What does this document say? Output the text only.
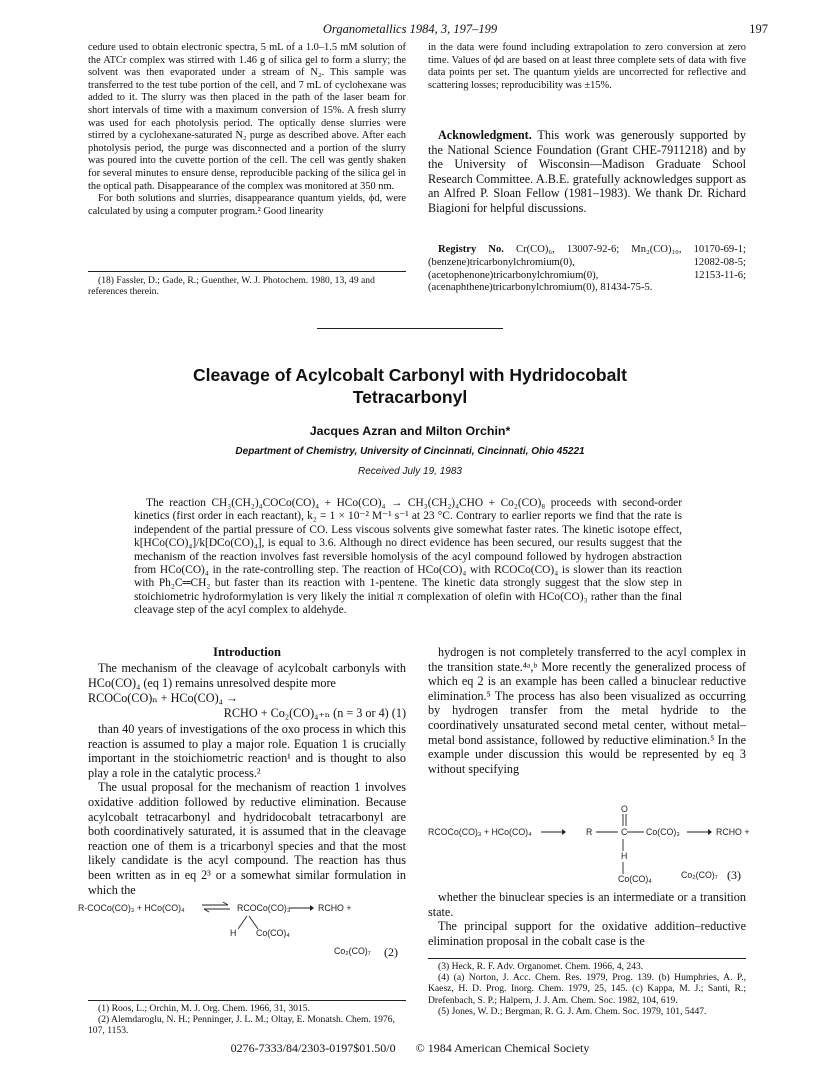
Organometallics 1984, 3, 197–199	197

cedure used to obtain electronic spectra, 5 mL of a 1.0–1.5 mM solution of the ATCr complex was stirred with 1.46 g of silica gel to form a slurry; the solvent was then evaporated under a stream of N₂. This sample was transferred to the test tube portion of the cell, and 7 mL of cyclohexane was added to it. The slurry was then placed in the path of the laser beam for short intervals of time with a maximum conversion of 15%. A fresh slurry was used for each photolysis period. The optically dense slurries were stirred by a cyclohexane-saturated N₂ purge as described above. After each photolysis period, the purge was disconnected and a portion of the slurry was poured into the cuvette portion of the cell. The cell was gently shaken for several minutes to ensure dense, reproducible packing of the silica gel in the optical path. Disappearance of the complex was monitored at 350 nm.

For both solutions and slurries, disappearance quantum yields, ϕd, were calculated by using a computer program.² Good linearity

(18) Fassler, D.; Gade, R.; Guenther, W. J. Photochem. 1980, 13, 49 and references therein.

in the data were found including extrapolation to zero conversion at zero time. Values of ϕd are based on at least three complete sets of data with five data points per set. The quantum yields are uncorrected for reflective and scattering losses; reproducibility was ±15%.

Acknowledgment. This work was generously supported by the National Science Foundation (Grant CHE-7911218) and by the University of Wisconsin—Madison Graduate School Research Committee. A.B.E. gratefully acknowledges support as an Alfred P. Sloan Fellow (1981–1983). We thank Dr. Richard Biagioni for helpful discussions.

Registry No. Cr(CO)₆, 13007-92-6; Mn₂(CO)₁₀, 10170-69-1; (benzene)tricarbonylchromium(0), 12082-08-5; (acetophenone)tricarbonylchromium(0), 12153-11-6; (acenaphthene)tricarbonylchromium(0), 81434-75-5.
Cleavage of Acylcobalt Carbonyl with Hydridocobalt
Tetracarbonyl
Jacques Azran and Milton Orchin*
Department of Chemistry, University of Cincinnati, Cincinnati, Ohio 45221
Received July 19, 1983
The reaction CH₃(CH₂)₄COCo(CO)₄ + HCo(CO)₄ → CH₃(CH₂)₄CHO + Co₂(CO)₈ proceeds with second-order kinetics (first order in each reactant), k₂ = 1 × 10⁻² M⁻¹ s⁻¹ at 23 °C. Contrary to earlier reports we find that the rate is independent of the partial pressure of CO. Less viscous solvents give somewhat faster rates. The kinetic isotope effect, k[HCo(CO)₄]/k[DCo(CO)₄], is equal to 3.6. Although no direct evidence has been secured, our results suggest that the mechanism of the reaction involves fast reversible homolysis of the acyl compound followed by hydrogen abstraction from HCo(CO)₄ in the rate-controlling step. The reaction of HCo(CO)₄ with RCOCo(CO)₄ is slower than its reaction with Ph₂C═CH₂ but faster than its reaction with 1-pentene. The kinetic data strongly suggest that the slow step in stoichiometric hydroformylation is very likely the initial π complexation of olefin with HCo(CO)₃ rather than the final cleavage step of the acyl complex to aldehyde.
Introduction

The mechanism of the cleavage of acylcobalt carbonyls with HCo(CO)₄ (eq 1) remains unresolved despite more

RCOCo(CO)ₙ + HCo(CO)₄ →
RCHO + Co₂(CO)₄₊ₙ (n = 3 or 4) (1)

than 40 years of investigations of the oxo process in which this reaction is assumed to play a major role. Equation 1 is crucially important in the stoichiometric reaction¹ and is thought to also play a role in the catalytic process.²

The usual proposal for the mechanism of reaction 1 involves oxidative addition followed by reductive elimination. Because acylcobalt tetracarbonyl and hydridocobalt tetracarbonyl are both coordinatively saturated, it is assumed that in the cleavage reaction one of them is a tricarbonyl species and that the most likely candidate is the acyl compound. The reaction has thus been written as in eq 2³ or a somewhat similar formulation in which the

R-COCo(CO)₃ + HCo(CO)₄ ⇌ RCOCo(CO)₃
H Co(CO)₄
→ RCHO +
Co₂(CO)₇ (2)

hydrogen is not completely transferred to the acyl complex in the transition state.⁴ᵃ,ᵇ More recently the generalized process of which eq 2 is an example has been called a binuclear reductive elimination.⁵ The process has also been visualized as occurring by hydrogen transfer from the metal hydride to the coordinatively unsaturated second metal center, without metal–metal bond assistance, followed by reductive elimination.⁵ In the example under discussion this would be represented by eq 3 without specifying

RCOCo(CO)₃ + HCo(CO)₄ →
O
R	C Co(CO)₃ → RCHO +
H
Co(CO)₄	Co₂(CO)₇ (3)

whether the binuclear species is an intermediate or a transition state.

The principal support for the oxidative addition–reductive elimination proposal in the cobalt case is the

(1) Roos, L.; Orchin, M. J. Org. Chem. 1966, 31, 3015.
(2) Alemdaroglu, N. H.; Penninger, J. L. M.; Oltay, E. Monatsh. Chem. 1976, 107, 1153.
(3) Heck, R. F. Adv. Organomet. Chem. 1966, 4, 243.
(4) (a) Norton, J. Acc. Chem. Res. 1979, Prog. 139. (b) Humphries, A. P., Kaesz, H. D. Prog. Inorg. Chem. 1979, 25, 145. (c) Kappa, M. J.; Santi, R.; Drefenbach, S. P.; Halpern, J. J. Am. Chem. Soc. 1982, 104, 619.
(5) Jones, W. D.; Bergman, R. G. J. Am. Chem. Soc. 1979, 101, 5447.
0276-7333/84/2303-0197$01.50/0 © 1984 American Chemical Society
